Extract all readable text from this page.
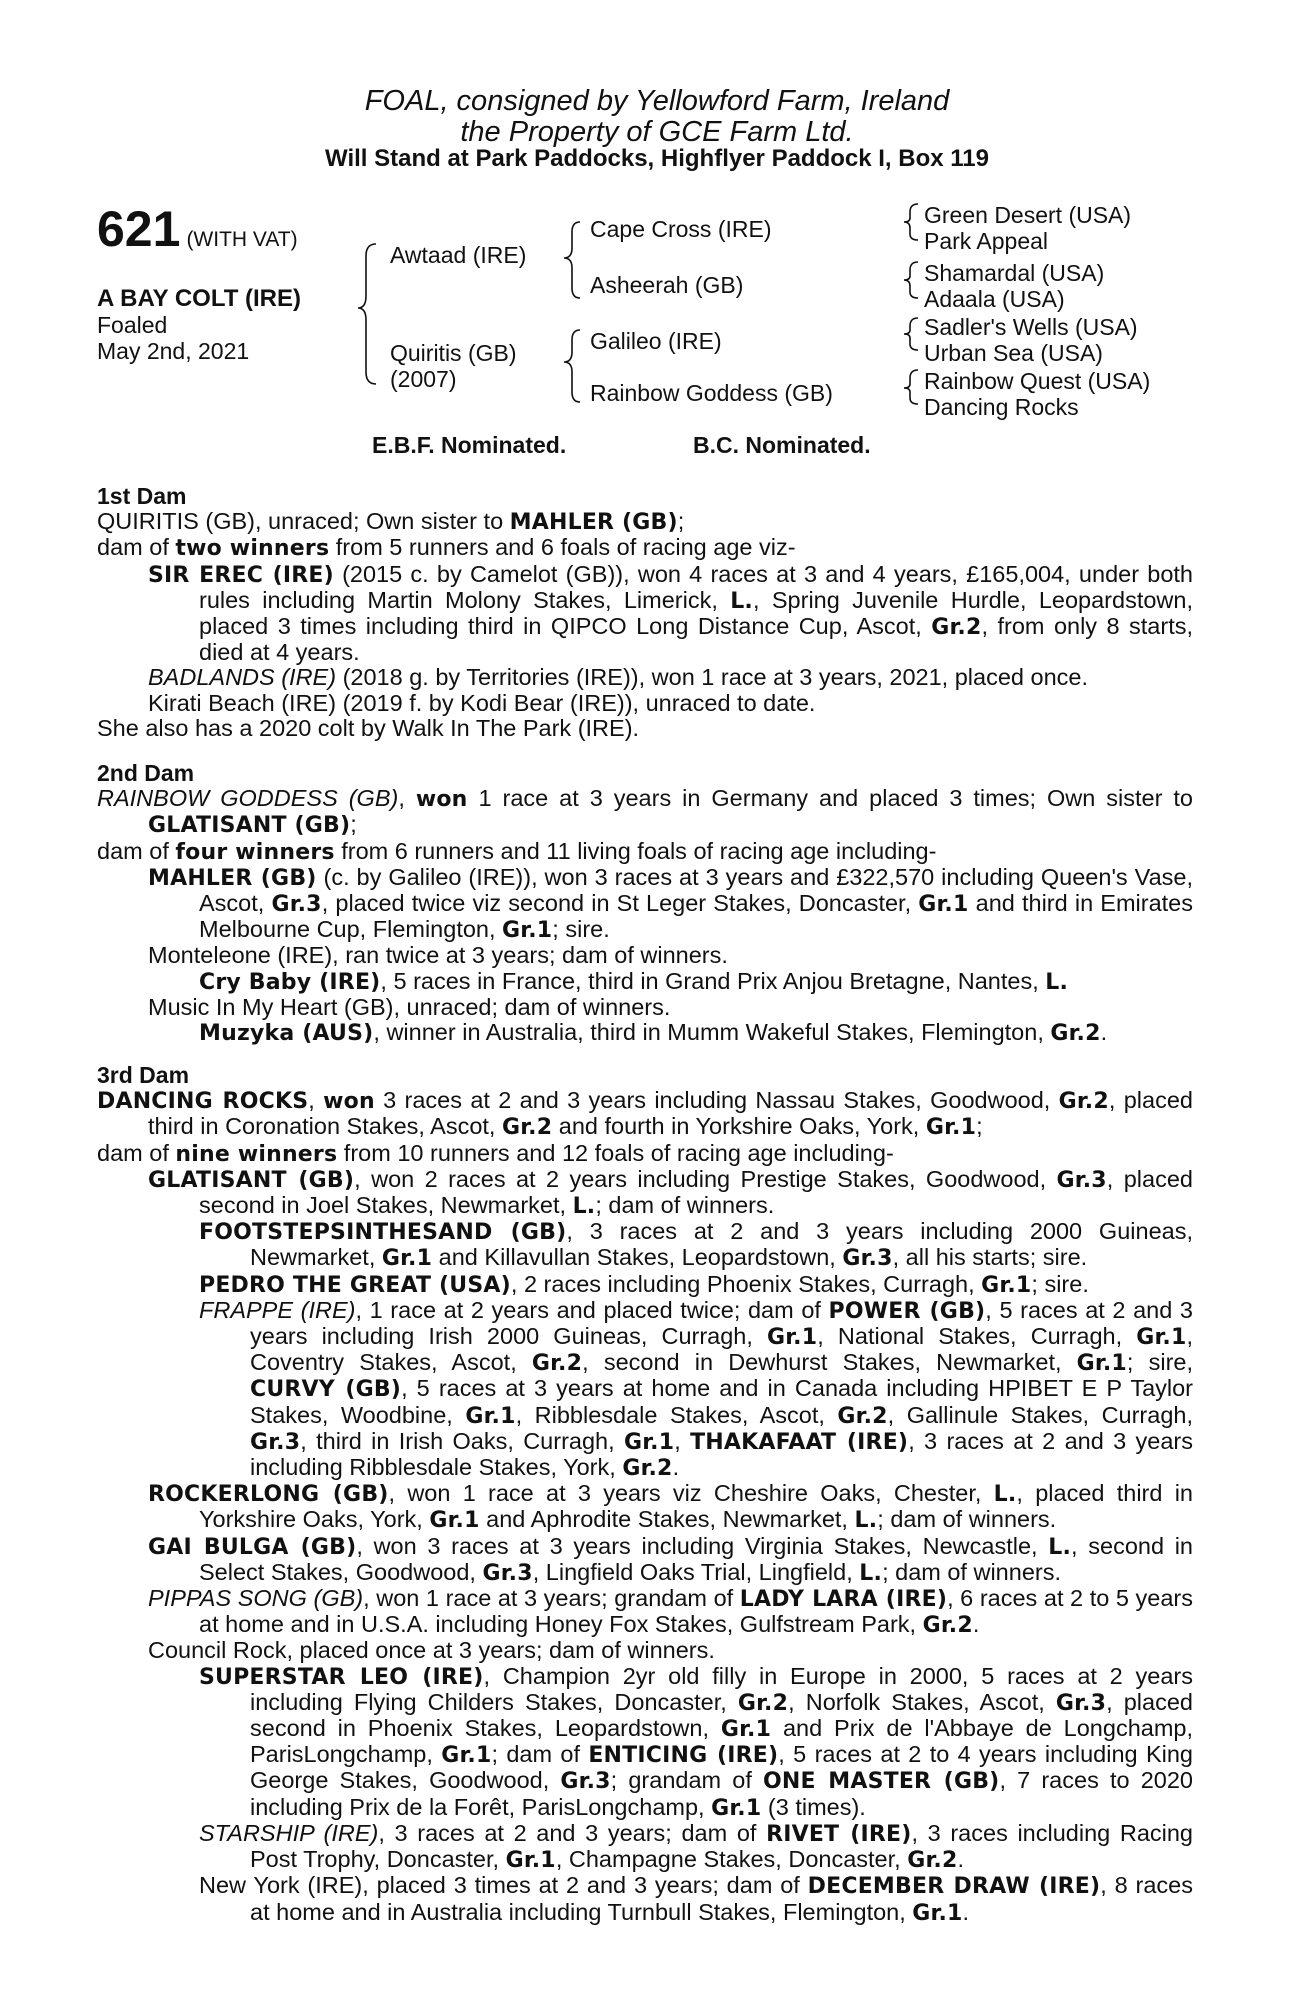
FOAL, consigned by Yellowford Farm, Ireland
the Property of GCE Farm Ltd.
Will Stand at Park Paddocks, Highflyer Paddock I, Box 119
621 (WITH VAT)
A BAY COLT (IRE)
Foaled
May 2nd, 2021
Awtaad (IRE)
Quiritis (GB)
(2007)
Cape Cross (IRE)
Asheerah (GB)
Galileo (IRE)
Rainbow Goddess (GB)
Green Desert (USA)
Park Appeal
Shamardal (USA)
Adaala (USA)
Sadler's Wells (USA)
Urban Sea (USA)
Rainbow Quest (USA)
Dancing Rocks
E.B.F. Nominated.	B.C. Nominated.
1st Dam

QUIRITIS (GB), unraced; Own sister to MAHLER (GB);

dam of two winners from 5 runners and 6 foals of racing age viz-

SIR EREC (IRE) (2015 c. by Camelot (GB)), won 4 races at 3 and 4 years, £165,004, under both rules including Martin Molony Stakes, Limerick, L., Spring Juvenile Hurdle, Leopardstown, placed 3 times including third in QIPCO Long Distance Cup, Ascot, Gr.2, from only 8 starts, died at 4 years.

BADLANDS (IRE) (2018 g. by Territories (IRE)), won 1 race at 3 years, 2021, placed once.

Kirati Beach (IRE) (2019 f. by Kodi Bear (IRE)), unraced to date.

She also has a 2020 colt by Walk In The Park (IRE).

2nd Dam

RAINBOW GODDESS (GB), won 1 race at 3 years in Germany and placed 3 times; Own sister to GLATISANT (GB);

dam of four winners from 6 runners and 11 living foals of racing age including-

MAHLER (GB) (c. by Galileo (IRE)), won 3 races at 3 years and £322,570 including Queen's Vase, Ascot, Gr.3, placed twice viz second in St Leger Stakes, Doncaster, Gr.1 and third in Emirates Melbourne Cup, Flemington, Gr.1; sire.

Monteleone (IRE), ran twice at 3 years; dam of winners.

Cry Baby (IRE), 5 races in France, third in Grand Prix Anjou Bretagne, Nantes, L.

Music In My Heart (GB), unraced; dam of winners.

Muzyka (AUS), winner in Australia, third in Mumm Wakeful Stakes, Flemington, Gr.2.

3rd Dam

DANCING ROCKS, won 3 races at 2 and 3 years including Nassau Stakes, Goodwood, Gr.2, placed third in Coronation Stakes, Ascot, Gr.2 and fourth in Yorkshire Oaks, York, Gr.1;

dam of nine winners from 10 runners and 12 foals of racing age including-

GLATISANT (GB), won 2 races at 2 years including Prestige Stakes, Goodwood, Gr.3, placed second in Joel Stakes, Newmarket, L.; dam of winners.

FOOTSTEPSINTHESAND (GB), 3 races at 2 and 3 years including 2000 Guineas, Newmarket, Gr.1 and Killavullan Stakes, Leopardstown, Gr.3, all his starts; sire.

PEDRO THE GREAT (USA), 2 races including Phoenix Stakes, Curragh, Gr.1; sire.

FRAPPE (IRE), 1 race at 2 years and placed twice; dam of POWER (GB), 5 races at 2 and 3 years including Irish 2000 Guineas, Curragh, Gr.1, National Stakes, Curragh, Gr.1, Coventry Stakes, Ascot, Gr.2, second in Dewhurst Stakes, Newmarket, Gr.1; sire, CURVY (GB), 5 races at 3 years at home and in Canada including HPIBET E P Taylor Stakes, Woodbine, Gr.1, Ribblesdale Stakes, Ascot, Gr.2, Gallinule Stakes, Curragh, Gr.3, third in Irish Oaks, Curragh, Gr.1, THAKAFAAT (IRE), 3 races at 2 and 3 years including Ribblesdale Stakes, York, Gr.2.

ROCKERLONG (GB), won 1 race at 3 years viz Cheshire Oaks, Chester, L., placed third in Yorkshire Oaks, York, Gr.1 and Aphrodite Stakes, Newmarket, L.; dam of winners.

GAI BULGA (GB), won 3 races at 3 years including Virginia Stakes, Newcastle, L., second in Select Stakes, Goodwood, Gr.3, Lingfield Oaks Trial, Lingfield, L.; dam of winners.

PIPPAS SONG (GB), won 1 race at 3 years; grandam of LADY LARA (IRE), 6 races at 2 to 5 years at home and in U.S.A. including Honey Fox Stakes, Gulfstream Park, Gr.2.

Council Rock, placed once at 3 years; dam of winners.

SUPERSTAR LEO (IRE), Champion 2yr old filly in Europe in 2000, 5 races at 2 years including Flying Childers Stakes, Doncaster, Gr.2, Norfolk Stakes, Ascot, Gr.3, placed second in Phoenix Stakes, Leopardstown, Gr.1 and Prix de l'Abbaye de Longchamp, ParisLongchamp, Gr.1; dam of ENTICING (IRE), 5 races at 2 to 4 years including King George Stakes, Goodwood, Gr.3; grandam of ONE MASTER (GB), 7 races to 2020 including Prix de la Forêt, ParisLongchamp, Gr.1 (3 times).

STARSHIP (IRE), 3 races at 2 and 3 years; dam of RIVET (IRE), 3 races including Racing Post Trophy, Doncaster, Gr.1, Champagne Stakes, Doncaster, Gr.2.

New York (IRE), placed 3 times at 2 and 3 years; dam of DECEMBER DRAW (IRE), 8 races at home and in Australia including Turnbull Stakes, Flemington, Gr.1.
